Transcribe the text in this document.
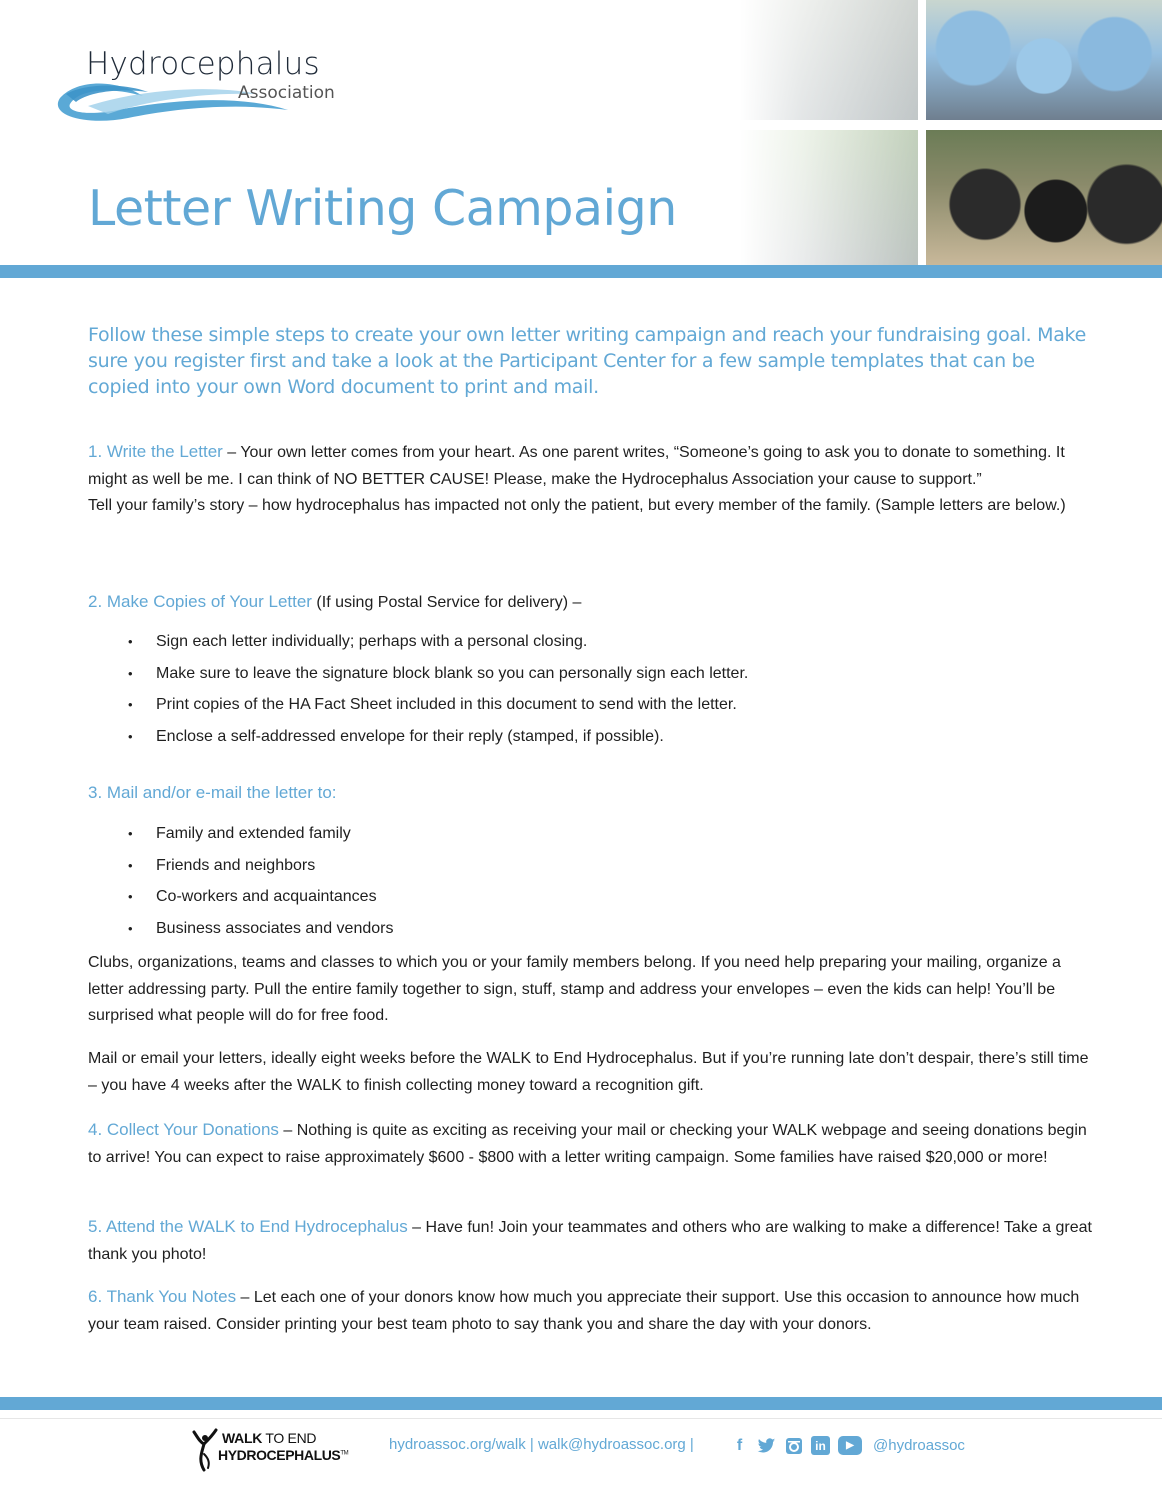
Hydrocephalus
Association
Letter Writing Campaign

Follow these simple steps to create your own letter writing campaign and reach your fundraising goal. Make sure you register first and take a look at the Participant Center for a few sample templates that can be copied into your own Word document to print and mail.

1. Write the Letter – Your own letter comes from your heart. As one parent writes, “Someone’s going to ask you to donate to something. It might as well be me. I can think of NO BETTER CAUSE! Please, make the Hydrocephalus Association your cause to support.”
Tell your family’s story – how hydrocephalus has impacted not only the patient, but every member of the family. (Sample letters are below.)
2. Make Copies of Your Letter (If using Postal Service for delivery) –
• Sign each letter individually; perhaps with a personal closing.
• Make sure to leave the signature block blank so you can personally sign each letter.
• Print copies of the HA Fact Sheet included in this document to send with the letter.
• Enclose a self-addressed envelope for their reply (stamped, if possible).
3. Mail and/or e-mail the letter to:
• Family and extended family
• Friends and neighbors
• Co-workers and acquaintances
• Business associates and vendors

Clubs, organizations, teams and classes to which you or your family members belong. If you need help preparing your mailing, organize a letter addressing party. Pull the entire family together to sign, stuff, stamp and address your envelopes – even the kids can help! You’ll be surprised what people will do for free food.

Mail or email your letters, ideally eight weeks before the WALK to End Hydrocephalus. But if you’re running late don’t despair, there’s still time – you have 4 weeks after the WALK to finish collecting money toward a recognition gift.

4. Collect Your Donations – Nothing is quite as exciting as receiving your mail or checking your WALK webpage and seeing donations begin to arrive! You can expect to raise approximately $600 - $800 with a letter writing campaign. Some families have raised $20,000 or more!
5. Attend the WALK to End Hydrocephalus – Have fun! Join your teammates and others who are walking to make a difference! Take a great thank you photo!
6. Thank You Notes – Let each one of your donors know how much you appreciate their support. Use this occasion to announce how much your team raised. Consider printing your best team photo to say thank you and share the day with your donors.
WALK TO END
HYDROCEPHALUS™
hydroassoc.org/walk | walk@hydroassoc.org |	f	in	▶	@hydroassoc
